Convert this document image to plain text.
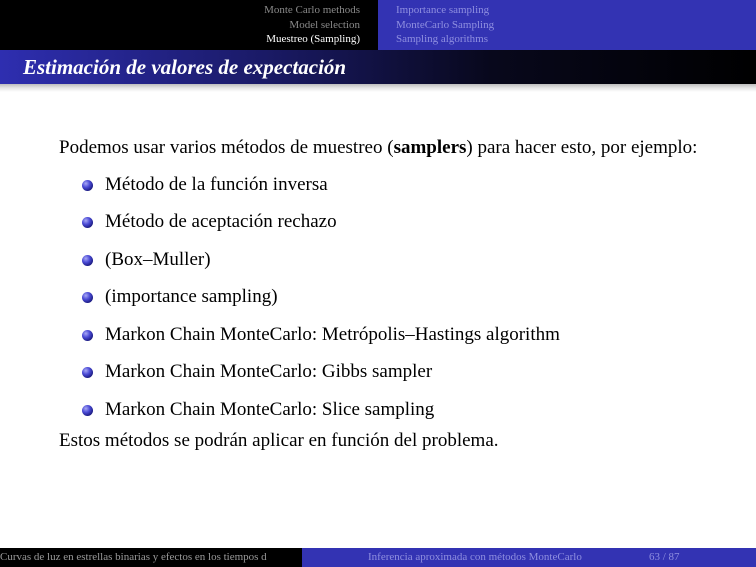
Monte Carlo methods
Model selection
Muestreo (Sampling)
Importance sampling
MonteCarlo Sampling
Sampling algorithms
Estimación de valores de expectación

Podemos usar varios métodos de muestreo (samplers) para hacer esto, por ejemplo:

Método de la función inversa
Método de aceptación rechazo
(Box–Muller)
(importance sampling)
Markon Chain MonteCarlo: Metrópolis–Hastings algorithm
Markon Chain MonteCarlo: Gibbs sampler
Markon Chain MonteCarlo: Slice sampling

Estos métodos se podrán aplicar en función del problema.

Curvas de luz en estrellas binarias y efectos en los tiempos d	Inferencia aproximada con métodos MonteCarlo	63 / 87
